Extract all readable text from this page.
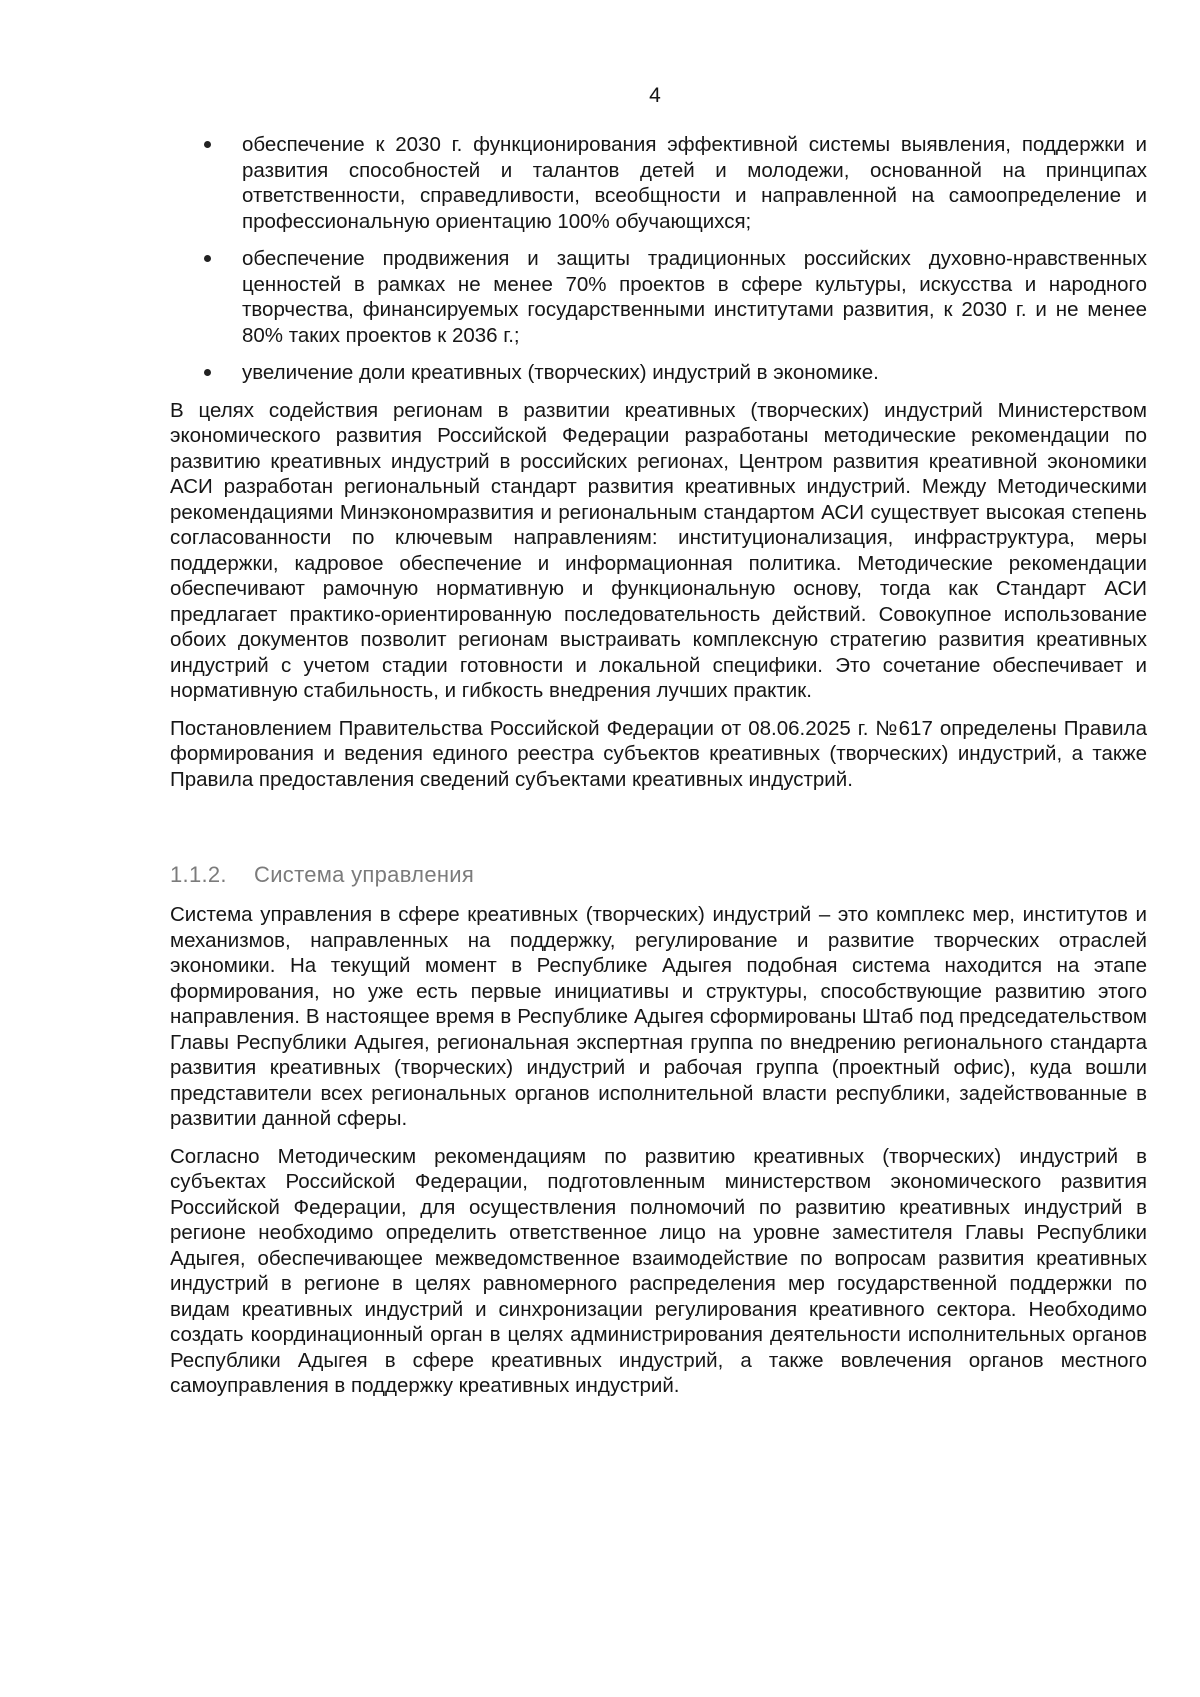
4
обеспечение к 2030 г. функционирования эффективной системы выявления, поддержки и развития способностей и талантов детей и молодежи, основанной на принципах ответственности, справедливости, всеобщности и направленной на самоопределение и профессиональную ориентацию 100% обучающихся;
обеспечение продвижения и защиты традиционных российских духовно-нравственных ценностей в рамках не менее 70% проектов в сфере культуры, искусства и народного творчества, финансируемых государственными институтами развития, к 2030 г. и не менее 80% таких проектов к 2036 г.;
увеличение доли креативных (творческих) индустрий в экономике.

В целях содействия регионам в развитии креативных (творческих) индустрий Министерством экономического развития Российской Федерации разработаны методические рекомендации по развитию креативных индустрий в российских регионах, Центром развития креативной экономики АСИ разработан региональный стандарт развития креативных индустрий. Между Методическими рекомендациями Минэкономразвития и региональным стандартом АСИ существует высокая степень согласованности по ключевым направлениям: институционализация, инфраструктура, меры поддержки, кадровое обеспечение и информационная политика. Методические рекомендации обеспечивают рамочную нормативную и функциональную основу, тогда как Стандарт АСИ предлагает практико-ориентированную последовательность действий. Совокупное использование обоих документов позволит регионам выстраивать комплексную стратегию развития креативных индустрий с учетом стадии готовности и локальной специфики. Это сочетание обеспечивает и нормативную стабильность, и гибкость внедрения лучших практик.

Постановлением Правительства Российской Федерации от 08.06.2025 г. №617 определены Правила формирования и ведения единого реестра субъектов креативных (творческих) индустрий, а также Правила предоставления сведений субъектами креативных индустрий.

1.1.2. Система управления

Система управления в сфере креативных (творческих) индустрий – это комплекс мер, институтов и механизмов, направленных на поддержку, регулирование и развитие творческих отраслей экономики. На текущий момент в Республике Адыгея подобная система находится на этапе формирования, но уже есть первые инициативы и структуры, способствующие развитию этого направления. В настоящее время в Республике Адыгея сформированы Штаб под председательством Главы Республики Адыгея, региональная экспертная группа по внедрению регионального стандарта развития креативных (творческих) индустрий и рабочая группа (проектный офис), куда вошли представители всех региональных органов исполнительной власти республики, задействованные в развитии данной сферы.

Согласно Методическим рекомендациям по развитию креативных (творческих) индустрий в субъектах Российской Федерации, подготовленным министерством экономического развития Российской Федерации, для осуществления полномочий по развитию креативных индустрий в регионе необходимо определить ответственное лицо на уровне заместителя Главы Республики Адыгея, обеспечивающее межведомственное взаимодействие по вопросам развития креативных индустрий в регионе в целях равномерного распределения мер государственной поддержки по видам креативных индустрий и синхронизации регулирования креативного сектора. Необходимо создать координационный орган в целях администрирования деятельности исполнительных органов Республики Адыгея в сфере креативных индустрий, а также вовлечения органов местного самоуправления в поддержку креативных индустрий.
